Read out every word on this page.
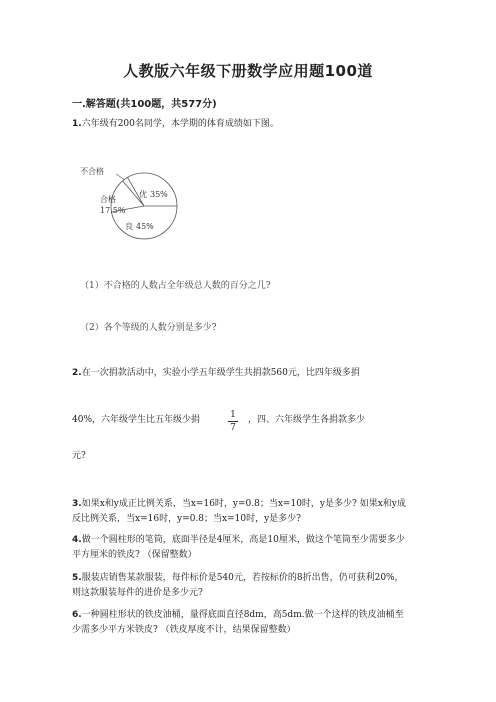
人教版六年级下册数学应用题100道
一.解答题(共100题，共577分)
1.六年级有200名同学，本学期的体育成绩如下图。
不合格
优 35%
合格
17.5%
良 45%
（1）不合格的人数占全年级总人数的百分之几?
（2）各个等级的人数分别是多少?
2.在一次捐款活动中，实验小学五年级学生共捐款560元，比四年级多捐
40%，六年级学生比五年级少捐	1
7
，四、六年级学生各捐款多少
元?
3.如果x和y成正比例关系，当x=16时，y=0.8；当x=10时，y是多少? 如果x和y成反比例关系，当x=16时，y=0.8；当x=10时，y是多少?
4.做一个圆柱形的笔筒，底面半径是4厘米，高是10厘米，做这个笔筒至少需要多少平方厘米的铁皮? （保留整数）
5.服装店销售某款服装，每件标价是540元，若按标价的8折出售，仍可获利20%，则这款服装每件的进价是多少元?
6.一种圆柱形状的铁皮油桶，量得底面直径8dm，高5dm.做一个这样的铁皮油桶至少需多少平方米铁皮? （铁皮厚度不计，结果保留整数）
